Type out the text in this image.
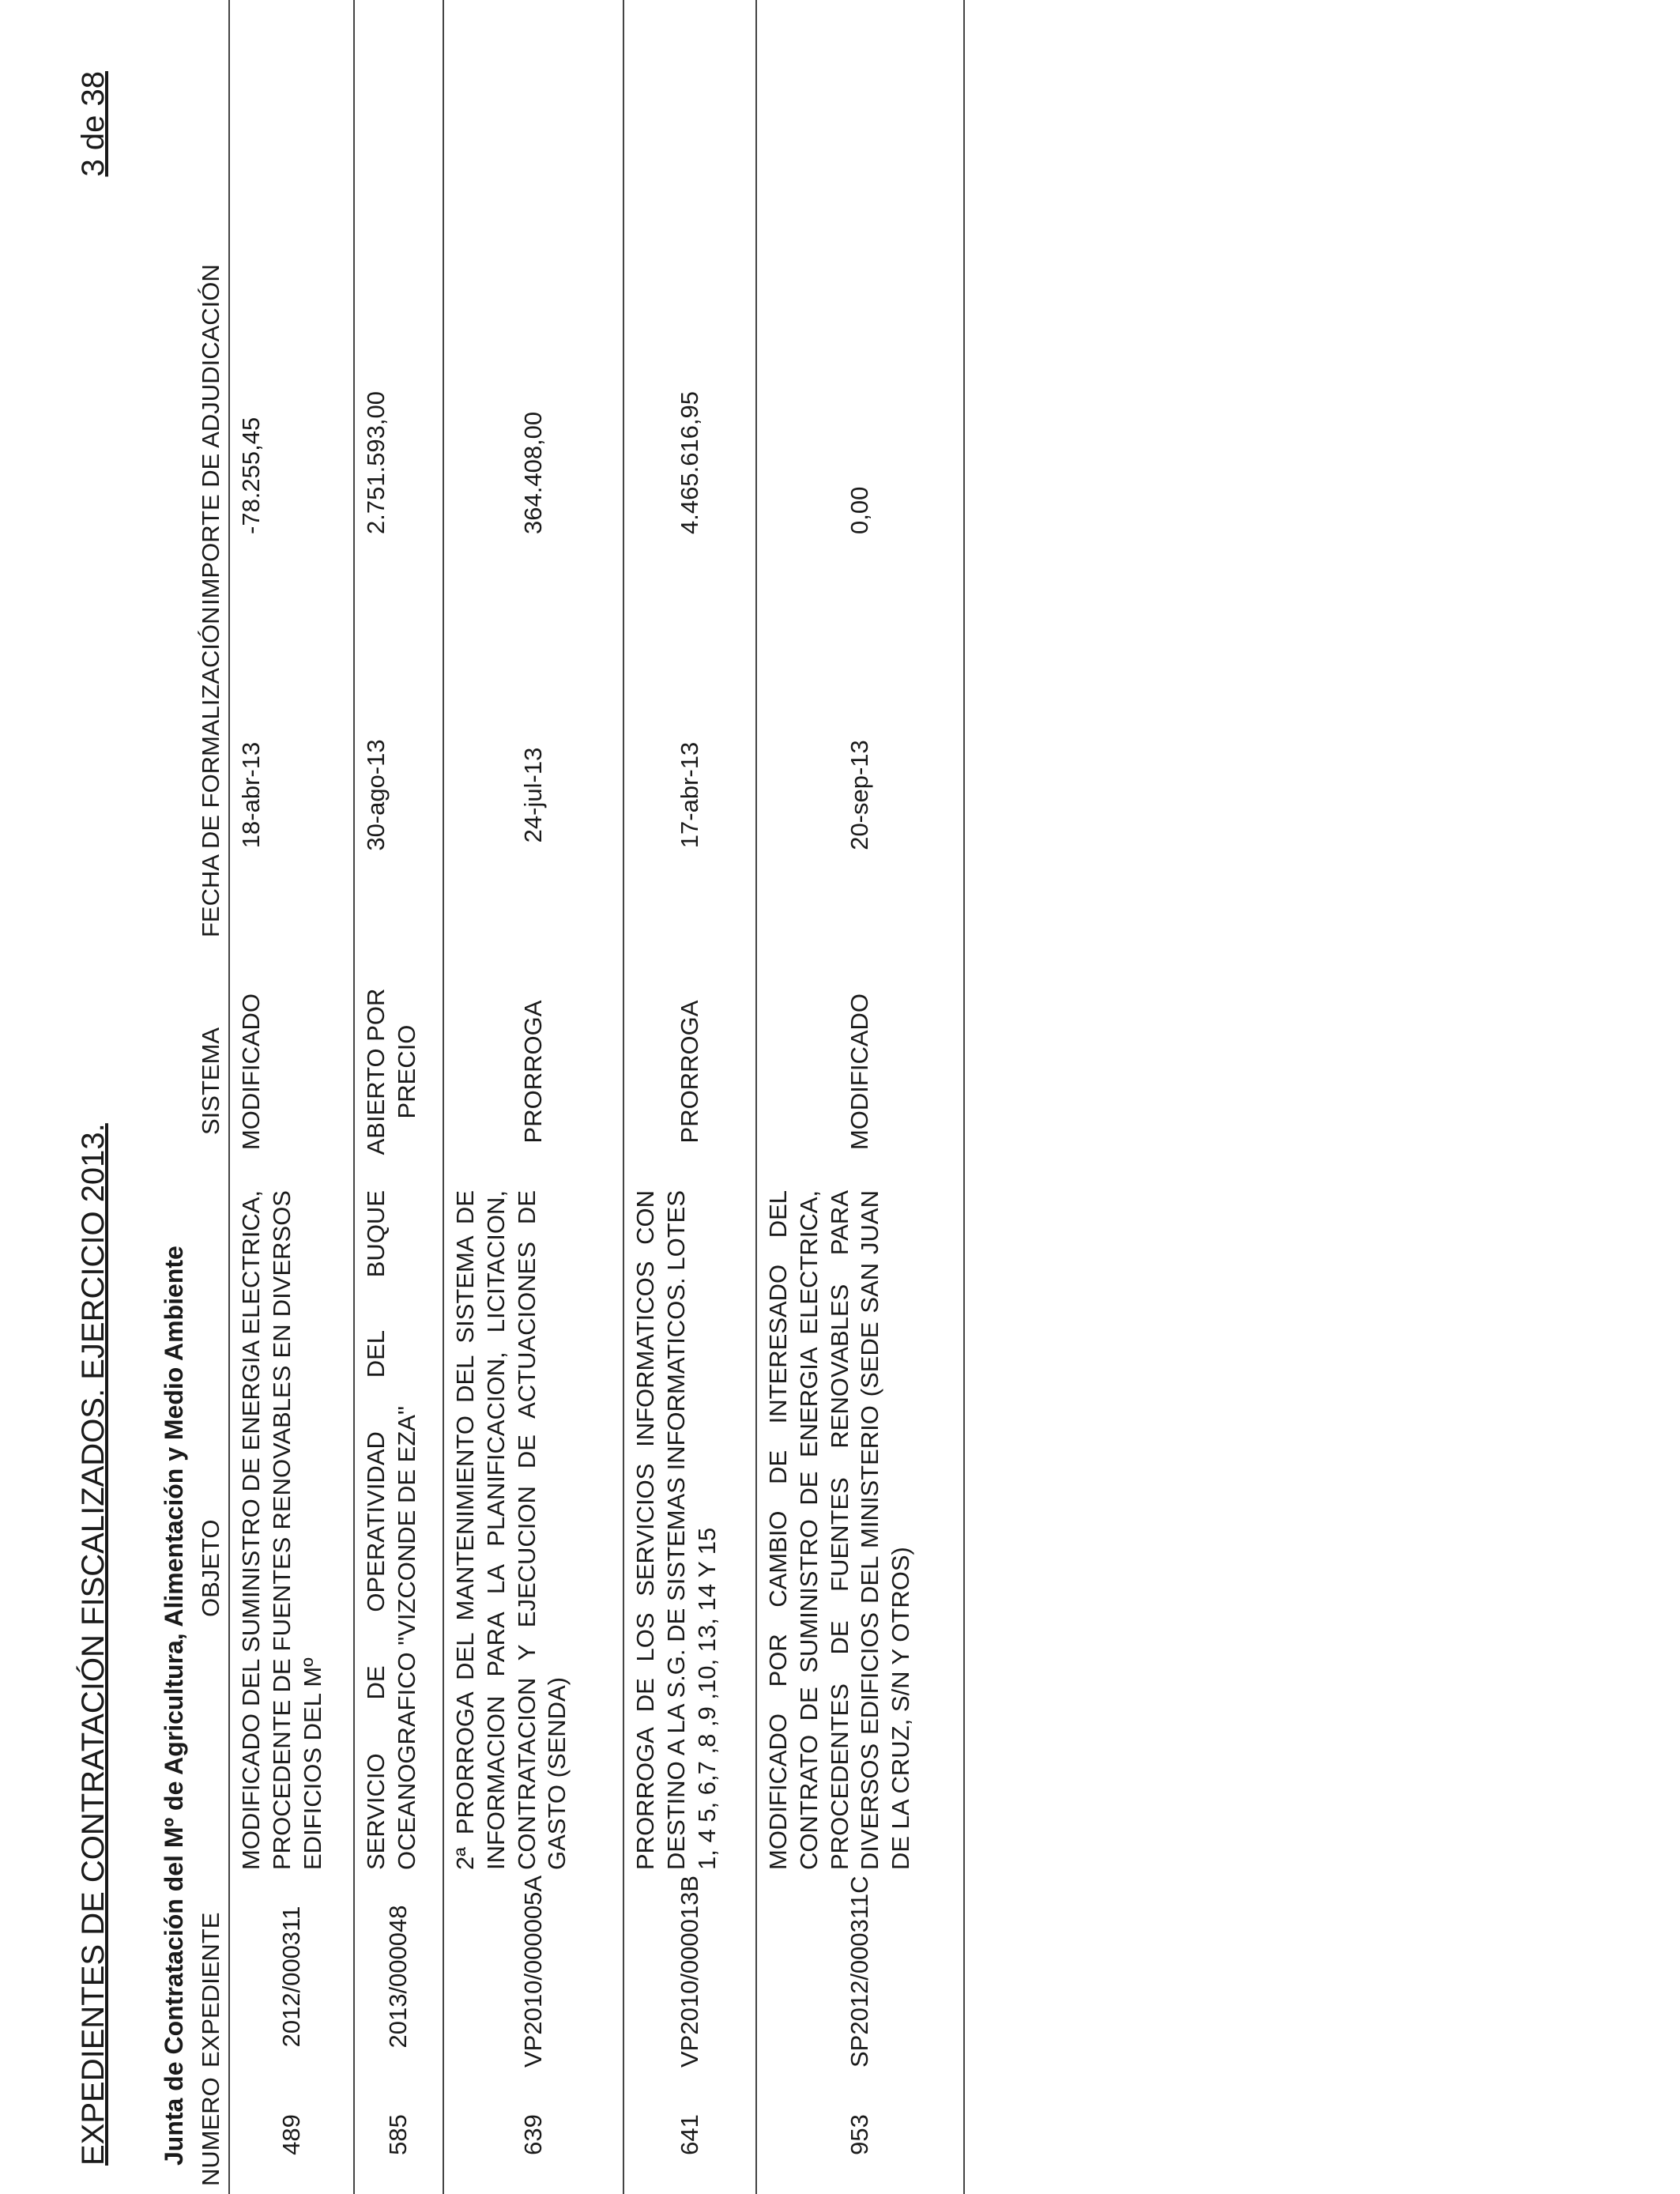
EXPEDIENTES DE CONTRATACIÓN FISCALIZADOS. EJERCICIO 2013.
3 de 38
Junta de Contratación del Mº de Agricultura, Alimentación y Medio Ambiente NUMERO	EXPEDIENTE	OBJETO	SISTEMA	FECHA DE FORMALIZACIÓN	IMPORTE DE ADJUDICACIÓN
489	2012/000311	MODIFICADO DEL SUMINISTRO DE ENERGIA ELECTRICA, PROCEDENTE DE FUENTES RENOVABLES EN DIVERSOS EDIFICIOS DEL Mº	MODIFICADO	18-abr-13	-78.255,45
585	2013/000048	SERVICIO DE OPERATIVIDAD DEL BUQUE OCEANOGRAFICO "VIZCONDE DE EZA"	ABIERTO POR PRECIO	30-ago-13	2.751.593,00
639	VP2010/000005A	2ª PRORROGA DEL MANTENIMIENTO DEL SISTEMA DE INFORMACION PARA LA PLANIFICACION, LICITACION, CONTRATACION Y EJECUCION DE ACTUACIONES DE GASTO (SENDA)	PRORROGA	24-jul-13	364.408,00
641	VP2010/000013B	PRORROGA DE LOS SERVICIOS INFORMATICOS CON DESTINO A LA S.G. DE SISTEMAS INFORMATICOS. LOTES 1, 4 5, 6,7 ,8 ,9 ,10, 13, 14 Y 15	PRORROGA	17-abr-13	4.465.616,95
953	SP2012/000311C	MODIFICADO POR CAMBIO DE INTERESADO DEL CONTRATO DE SUMINISTRO DE ENERGIA ELECTRICA, PROCEDENTES DE FUENTES RENOVABLES PARA DIVERSOS EDIFICIOS DEL MINISTERIO (SEDE SAN JUAN DE LA CRUZ, S/N Y OTROS)	MODIFICADO	20-sep-13	0,00
